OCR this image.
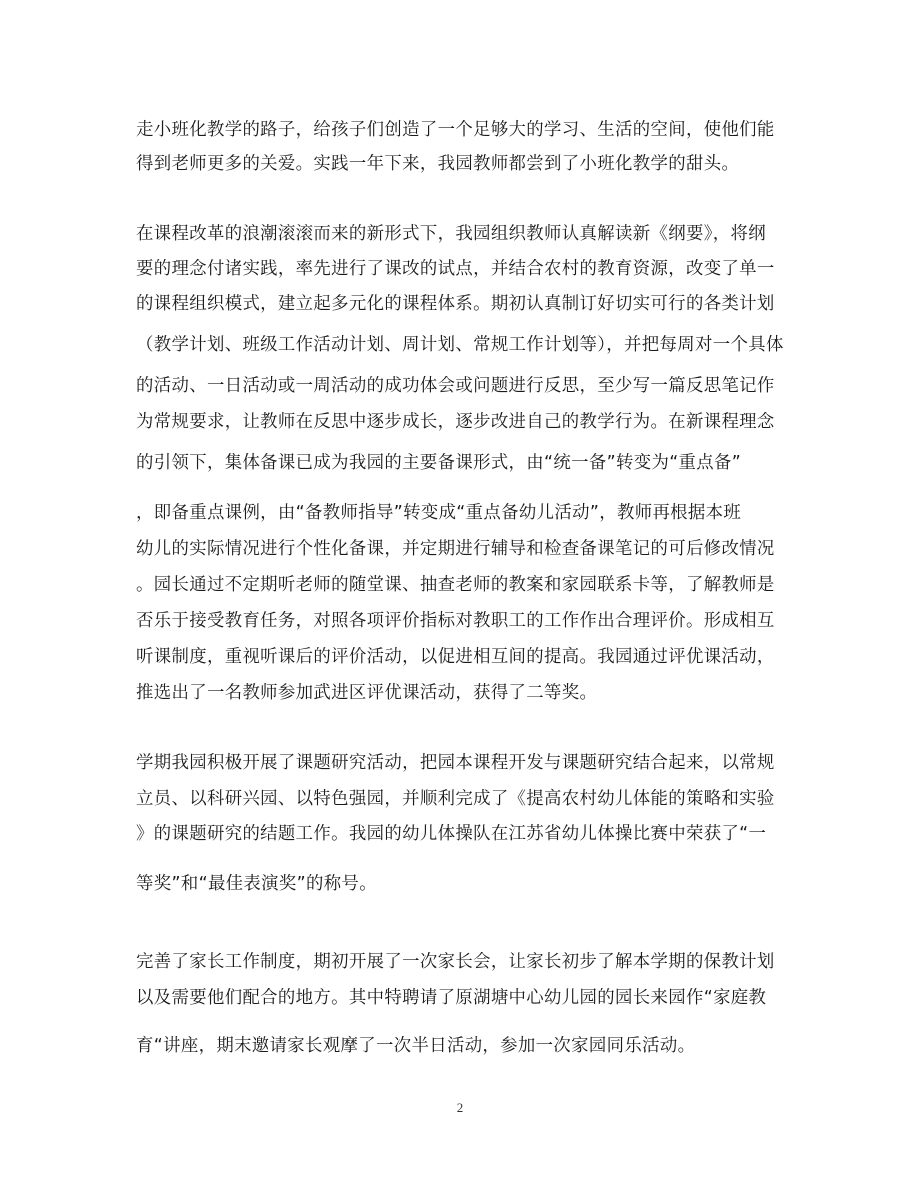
走小班化教学的路子，给孩子们创造了一个足够大的学习、生活的空间，使他们能
得到老师更多的关爱。实践一年下来，我园教师都尝到了小班化教学的甜头。
在课程改革的浪潮滚滚而来的新形式下，我园组织教师认真解读新《纲要》，将纲
要的理念付诸实践，率先进行了课改的试点，并结合农村的教育资源，改变了单一
的课程组织模式，建立起多元化的课程体系。期初认真制订好切实可行的各类计划
（教学计划、班级工作活动计划、周计划、常规工作计划等），并把每周对一个具体
的活动、一日活动或一周活动的成功体会或问题进行反思，至少写一篇反思笔记作
为常规要求，让教师在反思中逐步成长，逐步改进自己的教学行为。在新课程理念
的引领下，集体备课已成为我园的主要备课形式，由“统一备”转变为“重点备”
，即备重点课例，由“备教师指导”转变成“重点备幼儿活动”，教师再根据本班
幼儿的实际情况进行个性化备课，并定期进行辅导和检查备课笔记的可后修改情况
。园长通过不定期听老师的随堂课、抽查老师的教案和家园联系卡等，了解教师是
否乐于接受教育任务，对照各项评价指标对教职工的工作作出合理评价。形成相互
听课制度，重视听课后的评价活动，以促进相互间的提高。我园通过评优课活动，
推选出了一名教师参加武进区评优课活动，获得了二等奖。
学期我园积极开展了课题研究活动，把园本课程开发与课题研究结合起来，以常规
立员、以科研兴园、以特色强园，并顺利完成了《提高农村幼儿体能的策略和实验
》的课题研究的结题工作。我园的幼儿体操队在江苏省幼儿体操比赛中荣获了“一
等奖”和“最佳表演奖”的称号。
完善了家长工作制度，期初开展了一次家长会，让家长初步了解本学期的保教计划
以及需要他们配合的地方。其中特聘请了原湖塘中心幼儿园的园长来园作“家庭教
育“讲座，期末邀请家长观摩了一次半日活动，参加一次家园同乐活动。
2
